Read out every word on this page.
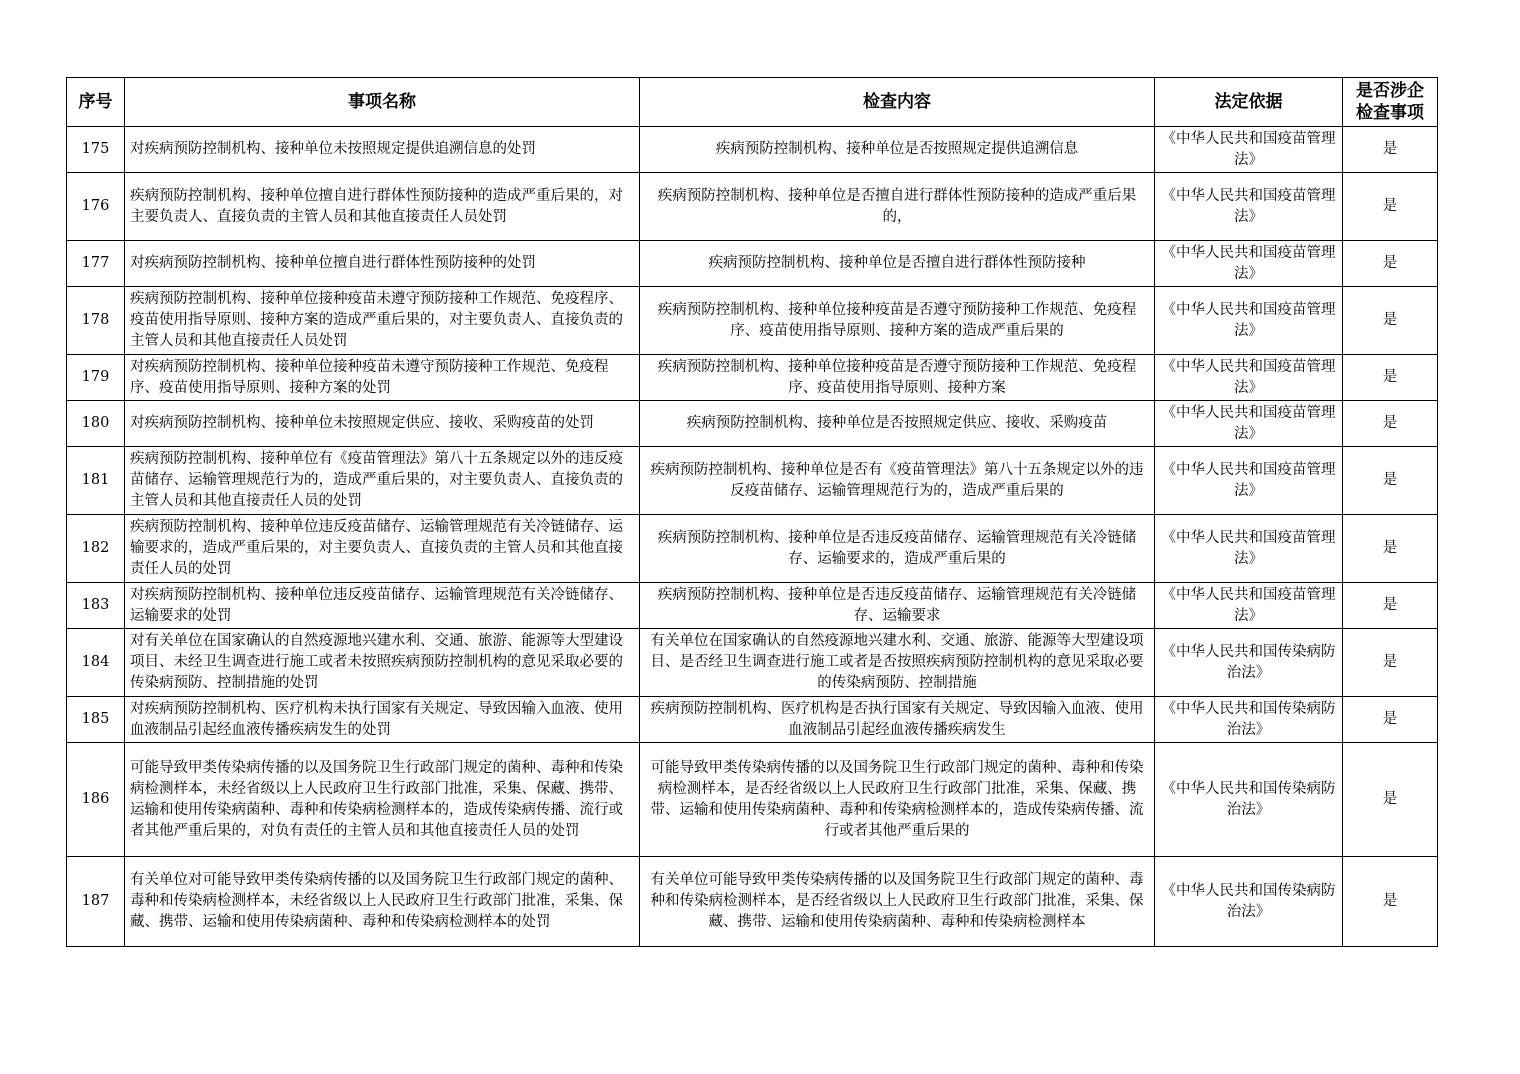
序号	事项名称	检查内容	法定依据	是否涉企
检查事项

175	对疾病预防控制机构、接种单位未按照规定提供追溯信息的处罚	疾病预防控制机构、接种单位是否按照规定提供追溯信息	《中华人民共和国疫苗管理法》	是
176	疾病预防控制机构、接种单位擅自进行群体性预防接种的造成严重后果的，对主要负责人、直接负责的主管人员和其他直接责任人员处罚	疾病预防控制机构、接种单位是否擅自进行群体性预防接种的造成严重后果的，	《中华人民共和国疫苗管理法》	是
177	对疾病预防控制机构、接种单位擅自进行群体性预防接种的处罚	疾病预防控制机构、接种单位是否擅自进行群体性预防接种	《中华人民共和国疫苗管理法》	是
178	疾病预防控制机构、接种单位接种疫苗未遵守预防接种工作规范、免疫程序、疫苗使用指导原则、接种方案的造成严重后果的，对主要负责人、直接负责的主管人员和其他直接责任人员处罚	疾病预防控制机构、接种单位接种疫苗是否遵守预防接种工作规范、免疫程序、疫苗使用指导原则、接种方案的造成严重后果的	《中华人民共和国疫苗管理法》	是
179	对疾病预防控制机构、接种单位接种疫苗未遵守预防接种工作规范、免疫程序、疫苗使用指导原则、接种方案的处罚	疾病预防控制机构、接种单位接种疫苗是否遵守预防接种工作规范、免疫程序、疫苗使用指导原则、接种方案	《中华人民共和国疫苗管理法》	是
180	对疾病预防控制机构、接种单位未按照规定供应、接收、采购疫苗的处罚	疾病预防控制机构、接种单位是否按照规定供应、接收、采购疫苗	《中华人民共和国疫苗管理法》	是
181	疾病预防控制机构、接种单位有《疫苗管理法》第八十五条规定以外的违反疫苗储存、运输管理规范行为的，造成严重后果的，对主要负责人、直接负责的主管人员和其他直接责任人员的处罚	疾病预防控制机构、接种单位是否有《疫苗管理法》第八十五条规定以外的违反疫苗储存、运输管理规范行为的，造成严重后果的	《中华人民共和国疫苗管理法》	是
182	疾病预防控制机构、接种单位违反疫苗储存、运输管理规范有关冷链储存、运输要求的，造成严重后果的，对主要负责人、直接负责的主管人员和其他直接责任人员的处罚	疾病预防控制机构、接种单位是否违反疫苗储存、运输管理规范有关冷链储存、运输要求的，造成严重后果的	《中华人民共和国疫苗管理法》	是
183	对疾病预防控制机构、接种单位违反疫苗储存、运输管理规范有关冷链储存、运输要求的处罚	疾病预防控制机构、接种单位是否违反疫苗储存、运输管理规范有关冷链储存、运输要求	《中华人民共和国疫苗管理法》	是
184	对有关单位在国家确认的自然疫源地兴建水利、交通、旅游、能源等大型建设项目、未经卫生调查进行施工或者未按照疾病预防控制机构的意见采取必要的传染病预防、控制措施的处罚	有关单位在国家确认的自然疫源地兴建水利、交通、旅游、能源等大型建设项目、是否经卫生调查进行施工或者是否按照疾病预防控制机构的意见采取必要的传染病预防、控制措施	《中华人民共和国传染病防治法》	是
185	对疾病预防控制机构、医疗机构未执行国家有关规定、导致因输入血液、使用血液制品引起经血液传播疾病发生的处罚	疾病预防控制机构、医疗机构是否执行国家有关规定、导致因输入血液、使用血液制品引起经血液传播疾病发生	《中华人民共和国传染病防治法》	是
186	可能导致甲类传染病传播的以及国务院卫生行政部门规定的菌种、毒种和传染病检测样本，未经省级以上人民政府卫生行政部门批准，采集、保藏、携带、运输和使用传染病菌种、毒种和传染病检测样本的，造成传染病传播、流行或者其他严重后果的，对负有责任的主管人员和其他直接责任人员的处罚	可能导致甲类传染病传播的以及国务院卫生行政部门规定的菌种、毒种和传染病检测样本，是否经省级以上人民政府卫生行政部门批准，采集、保藏、携带、运输和使用传染病菌种、毒种和传染病检测样本的，造成传染病传播、流行或者其他严重后果的	《中华人民共和国传染病防治法》	是
187	有关单位对可能导致甲类传染病传播的以及国务院卫生行政部门规定的菌种、毒种和传染病检测样本，未经省级以上人民政府卫生行政部门批准，采集、保藏、携带、运输和使用传染病菌种、毒种和传染病检测样本的处罚	有关单位可能导致甲类传染病传播的以及国务院卫生行政部门规定的菌种、毒种和传染病检测样本，是否经省级以上人民政府卫生行政部门批准，采集、保藏、携带、运输和使用传染病菌种、毒种和传染病检测样本	《中华人民共和国传染病防治法》	是
